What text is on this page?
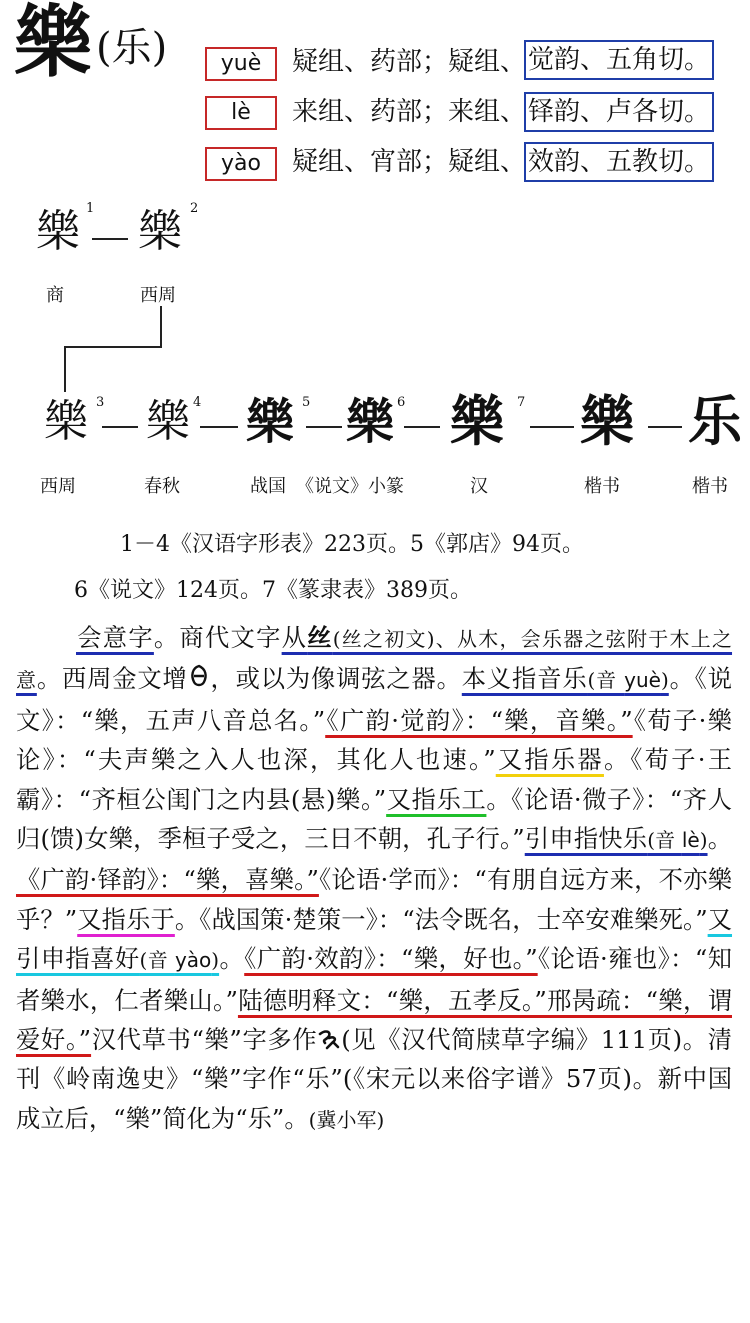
樂 (乐)	yuè	疑组、药部；疑组、 觉韵、五角切。
lè	来组、药部；来组、 铎韵、卢各切。
yào	疑组、宵部；疑组、 效韵、五教切。
樂 1 樂 2
商	西周
樂 3 樂 4 樂 5 樂 6 樂 7 樂 乐
西周	春秋	战国 《说文》小篆	汉	楷书	楷书
1－4《汉语字形表》223页。5《郭店》94页。
6《说文》124页。7《篆隶表》389页。

会意字。商代文字从丝(丝之初文)、从木，会乐器之弦附于木上之意。西周金文增 ，或以为像调弦之器。本义指音乐(音 yuè)。《说文》：“樂，五声八音总名。”《广韵·觉韵》：“樂，音樂。”《荀子·樂论》：“夫声樂之入人也深，其化人也速。”又指乐器。《荀子·王霸》：“齐桓公闺门之内县(悬)樂。”又指乐工。《论语·微子》：“齐人归(馈)女樂，季桓子受之，三日不朝，孔子行。”引申指快乐(音 lè)。《广韵·铎韵》：“樂，喜樂。”《论语·学而》：“有朋自远方来，不亦樂乎？”又指乐于。《战国策·楚策一》：“法令既名，士卒安难樂死。”又引申指喜好(音 yào)。《广韵·效韵》：“樂，好也。”《论语·雍也》：“知者樂水，仁者樂山。”陆德明释文：“樂，五孝反。”邢昺疏：“樂，谓爱好。”汉代草书“樂”字多作 (见《汉代简牍草字编》111页)。清刊《岭南逸史》“樂”字作“乐”(《宋元以来俗字谱》57页)。新中国成立后，“樂”简化为“乐”。(冀小军)
